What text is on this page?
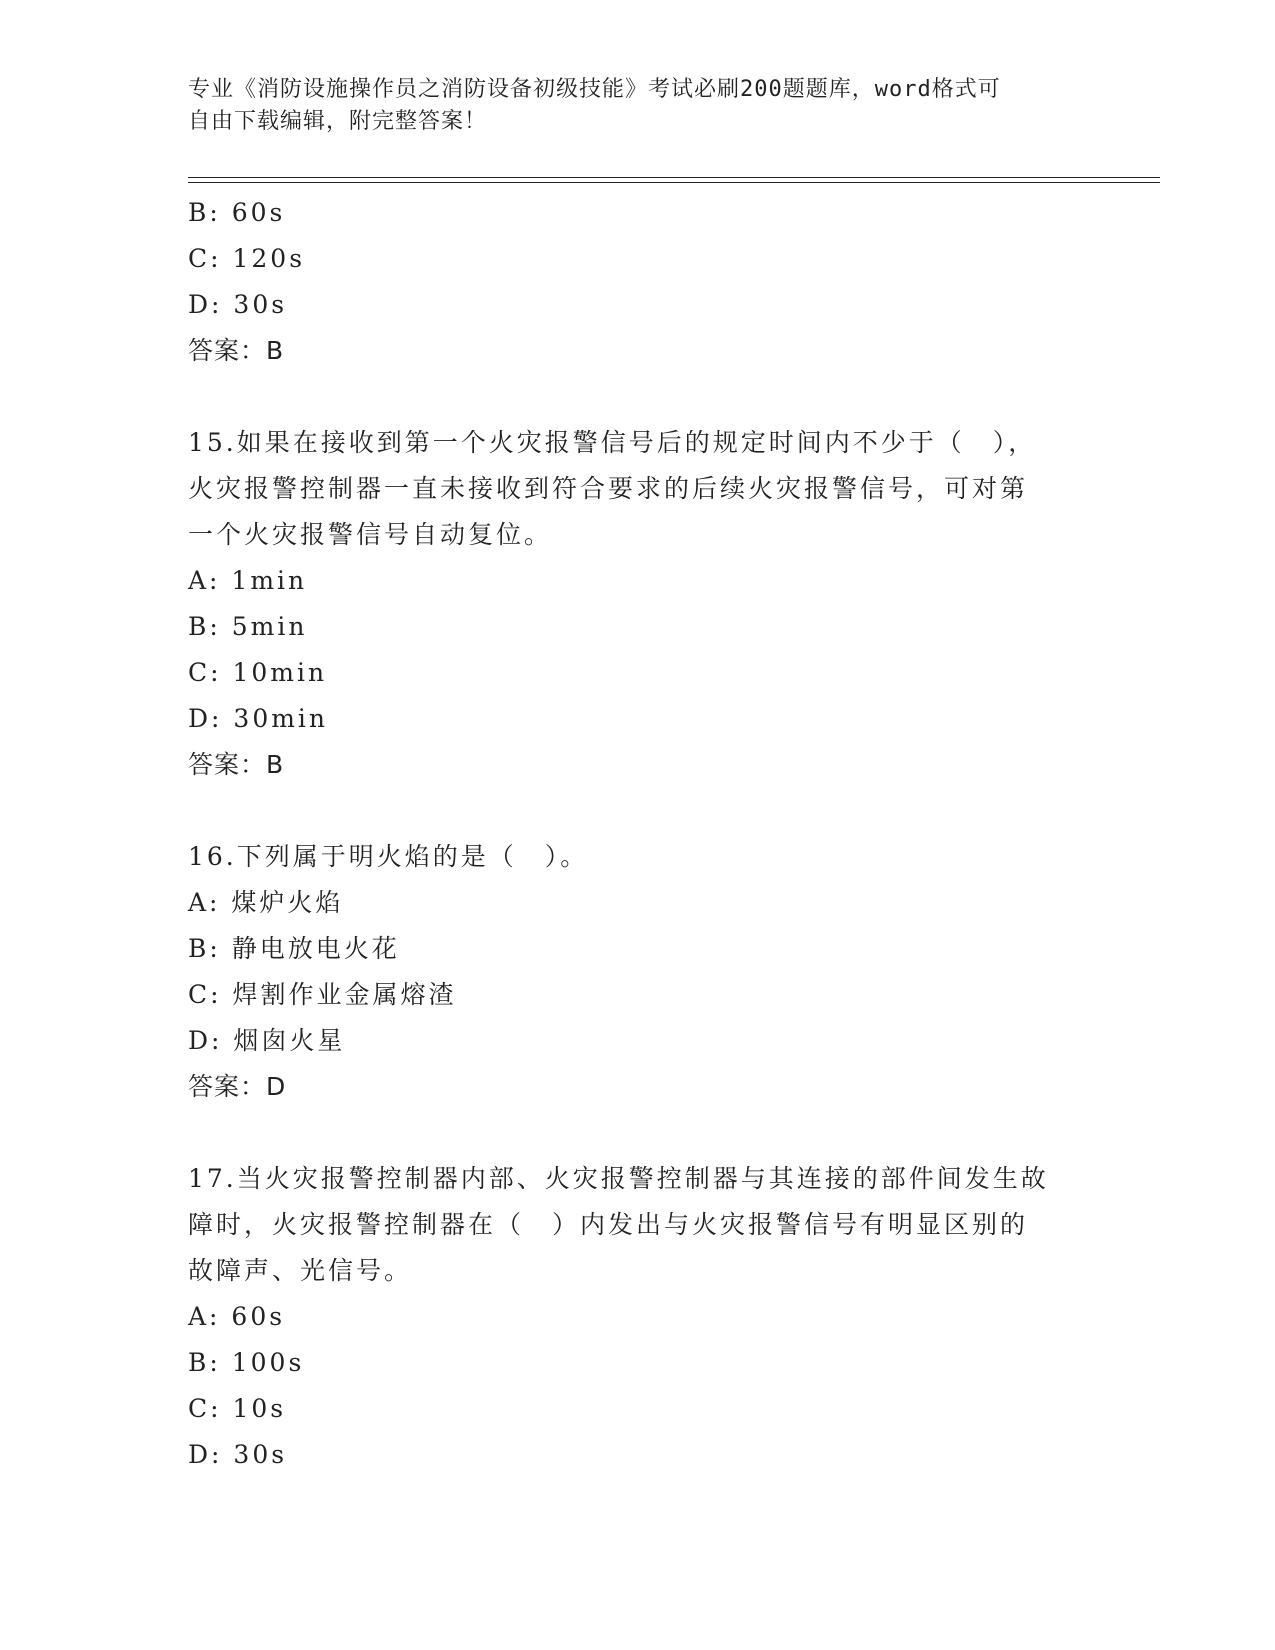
专业《消防设施操作员之消防设备初级技能》考试必刷200题题库，word格式可
自由下载编辑，附完整答案！
B: 60s
C: 120s
D: 30s
答案：B
15.如果在接收到第一个火灾报警信号后的规定时间内不少于（　），
火灾报警控制器一直未接收到符合要求的后续火灾报警信号，可对第
一个火灾报警信号自动复位。
A: 1min
B: 5min
C: 10min
D: 30min
答案：B
16.下列属于明火焰的是（　）。
A: 煤炉火焰
B: 静电放电火花
C: 焊割作业金属熔渣
D: 烟囱火星
答案：D
17.当火灾报警控制器内部、火灾报警控制器与其连接的部件间发生故
障时，火灾报警控制器在（　）内发出与火灾报警信号有明显区别的
故障声、光信号。
A: 60s
B: 100s
C: 10s
D: 30s
